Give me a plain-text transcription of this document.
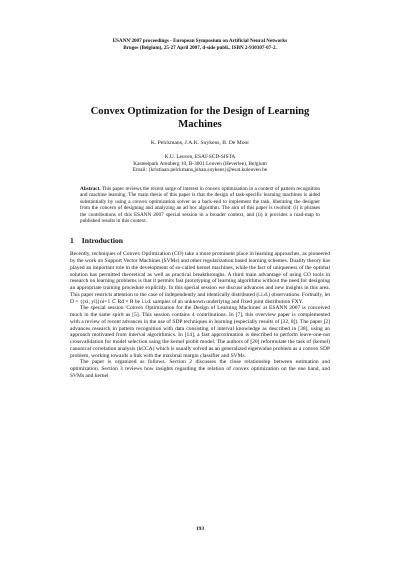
ESANN'2007 proceedings - European Symposium on Artificial Neural Networks
Bruges (Belgium), 25-27 April 2007, d-side publi., ISBN 2-930307-07-2.
Convex Optimization for the Design of Learning
Machines
K. Pelckmans, J.A.K. Suykens, B. De Moor
K.U. Leuven, ESAT-SCD-SISTA
Kasteelpark Arenberg 10, B-3001 Leuven (Heverlee), Belgium
Email: {kristiaan.pelckmans,johan.suykens}@esat.kuleuven.be
Abstract. This paper reviews the recent surge of interest in convex optimization in a context of pattern recognition and machine learning. The main thesis of this paper is that the design of task-specific learning machines is aided substantially by using a convex optimization solver as a back-end to implement the task, liberating the designer from the concern of designing and analyzing an ad hoc algorithm. The aim of this paper is twofold: (i) it phrases the contributions of this ESANN 2007 special session in a broader context, and (ii) it provides a road-map to published results in this context.
1 Introduction

Recently, techniques of Convex Optimization (CO) take a more prominent place in learning approaches, as pioneered by the work on Support Vector Machines (SVMs) and other regularization based learning schemes. Duality theory has played an important role in the development of so-called kernel machines, while the fact of uniqueness of the optimal solution has permitted theoretical as well as practical breakthroughs. A third main advantage of using CO tools in research on learning problems is that it permits fast prototyping of learning algorithms without the need for designing an appropriate training procedure explicitly. In this special session we discuss advances and new insights in this area. This paper restricts attention to the case of independently and identically distributed (i.i.d.) observations. Formally, let D = {(xi, yi)}ni=1 ⊂ Rd × R be i.i.d. samples of an unknown underlying and fixed joint distribution FXY.

The special session 'Convex Optimization for the Design of Learning Machines' at ESANN 2007 is conceived much in the same spirit as [5]. This session contains 4 contributions. In [7], this overview paper is complemented with a review of recent advances in the use of SDP techniques in learning (especially results of [32, 8]). The paper [2] advances research in pattern recognition with data consisting of interval knowledge as described in [38], using an approach motivated from interval algorithmics. In [14], a fast approximation is described to perform leave-one-out crossvalidation for model selection using the kernel probit model. The authors of [20] reformulate the task of (kernel) canonical correlation analysis (kCCA) which is usually solved as an generalized eigenvalue problem as a convex SDP problem, working towards a link with the maximal margin classifier and SVMs.

The paper is organized as follows. Section 2 discusses the close relationship between estimation and optimization. Section 3 reviews how insights regarding the relation of convex optimization on the one hand, and SVMs and kernel

193
